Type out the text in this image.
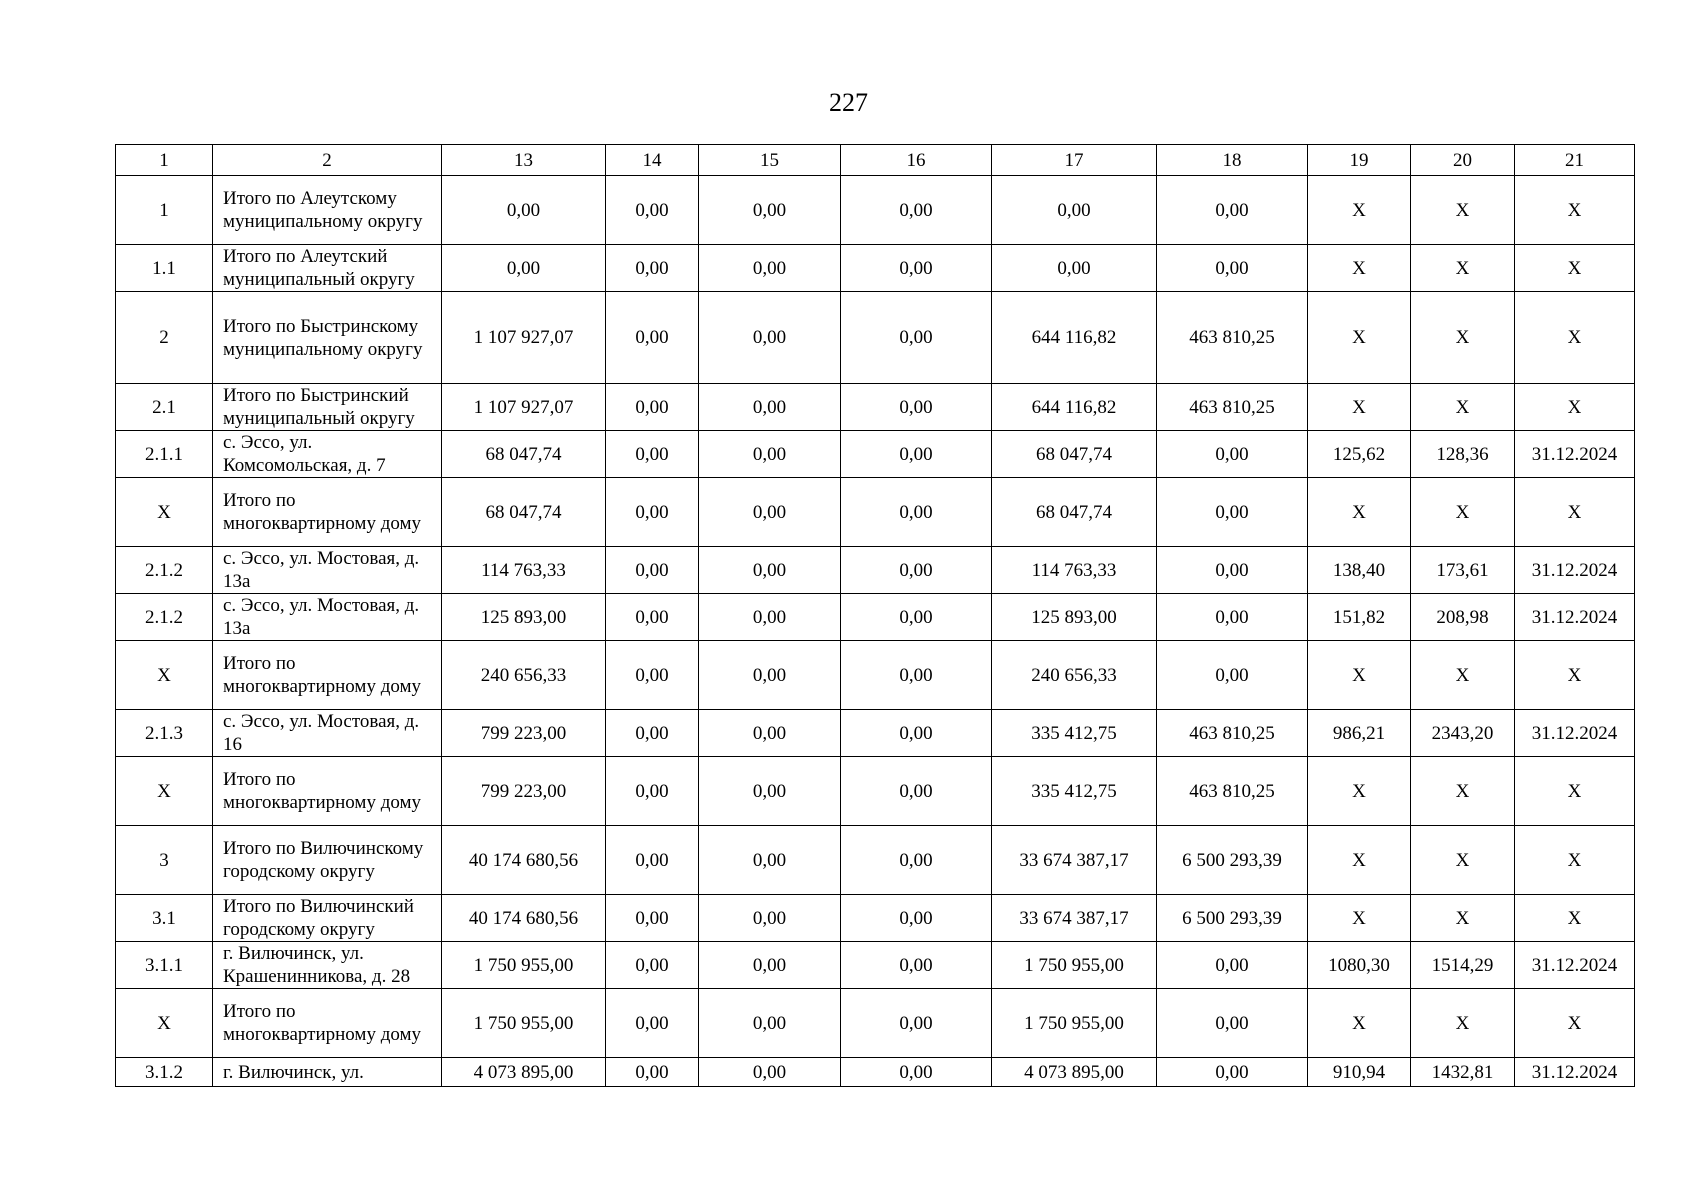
227
1	2	13	14	15	16	17	18	19	20	21
1	Итого по Алеутскому муниципальному округу	0,00	0,00	0,00	0,00	0,00	0,00	X	X	X
1.1	Итого по Алеутский муниципальный округу	0,00	0,00	0,00	0,00	0,00	0,00	X	X	X
2	Итого по Быстринскому муниципальному округу	1 107 927,07	0,00	0,00	0,00	644 116,82	463 810,25	X	X	X
2.1	Итого по Быстринский муниципальный округу	1 107 927,07	0,00	0,00	0,00	644 116,82	463 810,25	X	X	X
2.1.1	с. Эссо, ул. Комсомольская, д. 7	68 047,74	0,00	0,00	0,00	68 047,74	0,00	125,62	128,36	31.12.2024
X	Итого по многоквартирному дому	68 047,74	0,00	0,00	0,00	68 047,74	0,00	X	X	X
2.1.2	с. Эссо, ул. Мостовая, д. 13а	114 763,33	0,00	0,00	0,00	114 763,33	0,00	138,40	173,61	31.12.2024
2.1.2	с. Эссо, ул. Мостовая, д. 13а	125 893,00	0,00	0,00	0,00	125 893,00	0,00	151,82	208,98	31.12.2024
X	Итого по многоквартирному дому	240 656,33	0,00	0,00	0,00	240 656,33	0,00	X	X	X
2.1.3	с. Эссо, ул. Мостовая, д. 16	799 223,00	0,00	0,00	0,00	335 412,75	463 810,25	986,21	2343,20	31.12.2024
X	Итого по многоквартирному дому	799 223,00	0,00	0,00	0,00	335 412,75	463 810,25	X	X	X
3	Итого по Вилючинскому городскому округу	40 174 680,56	0,00	0,00	0,00	33 674 387,17	6 500 293,39	X	X	X
3.1	Итого по Вилючинский городскому округу	40 174 680,56	0,00	0,00	0,00	33 674 387,17	6 500 293,39	X	X	X
3.1.1	г. Вилючинск, ул. Крашенинникова, д. 28	1 750 955,00	0,00	0,00	0,00	1 750 955,00	0,00	1080,30	1514,29	31.12.2024
X	Итого по многоквартирному дому	1 750 955,00	0,00	0,00	0,00	1 750 955,00	0,00	X	X	X
3.1.2	г. Вилючинск, ул.	4 073 895,00	0,00	0,00	0,00	4 073 895,00	0,00	910,94	1432,81	31.12.2024
